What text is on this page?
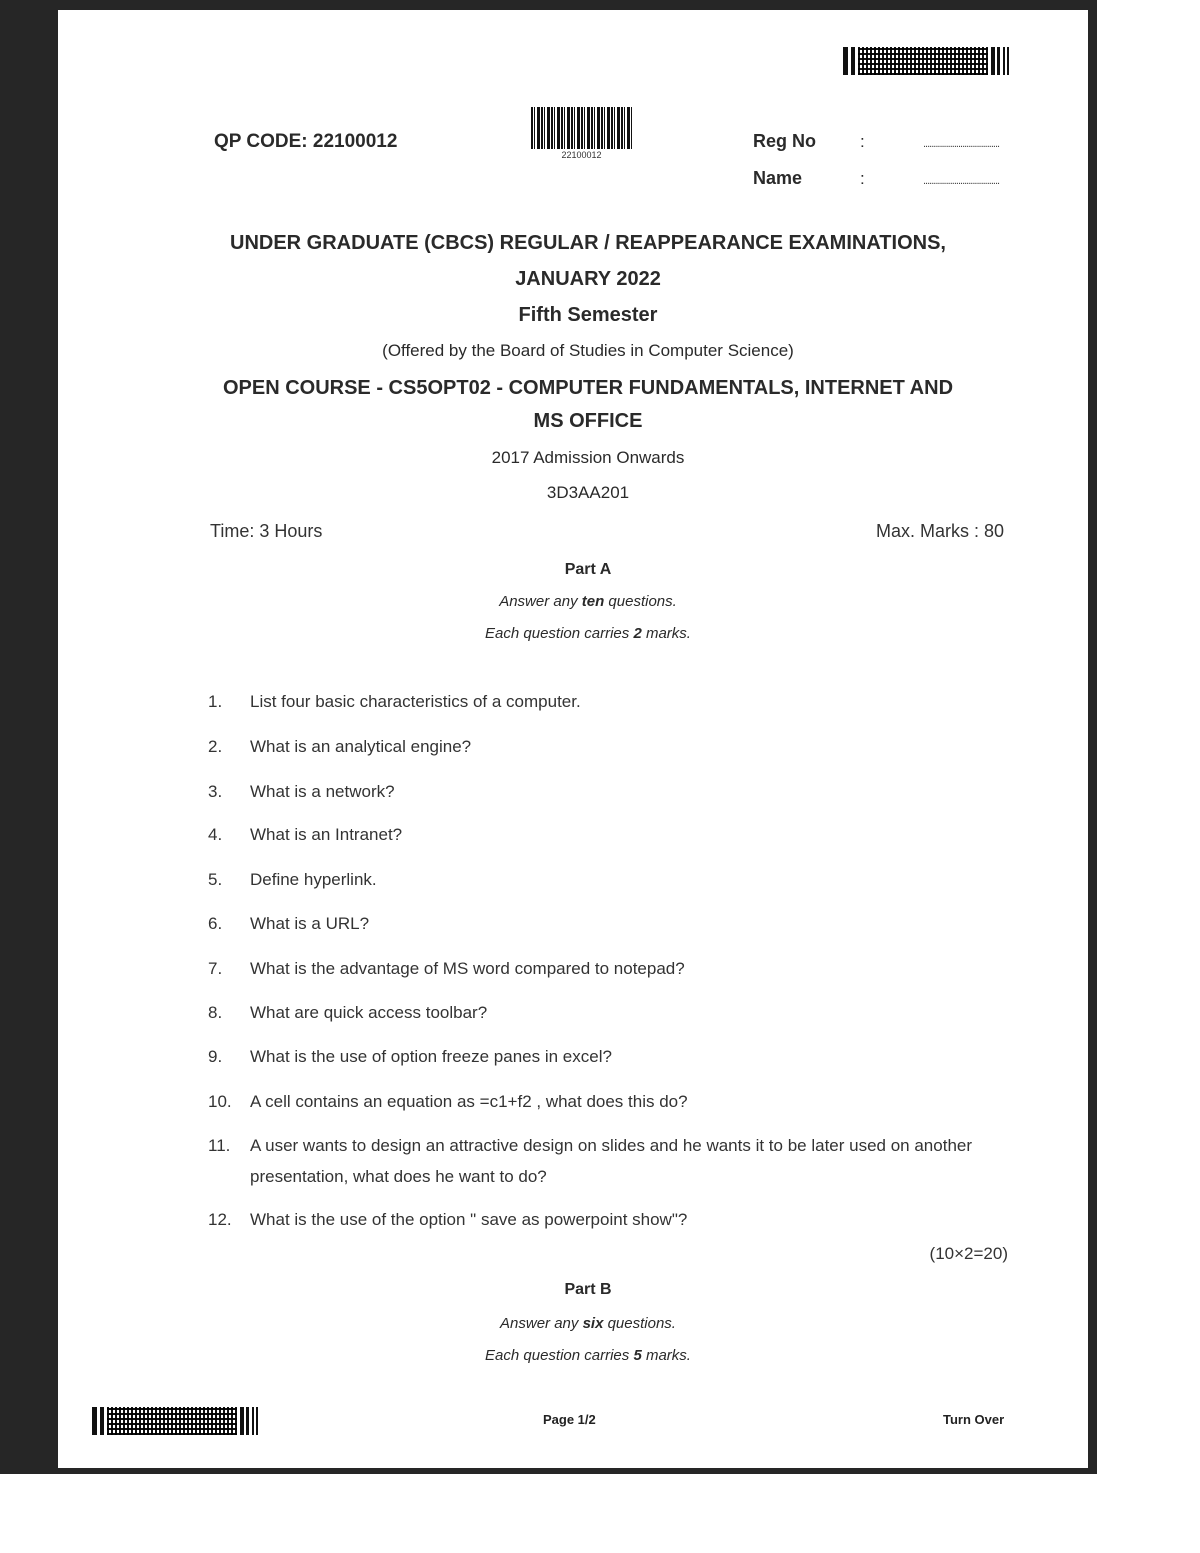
QP CODE: 22100012
22100012
Reg No	:	.....................................
Name	:	.....................................
UNDER GRADUATE (CBCS) REGULAR / REAPPEARANCE EXAMINATIONS,
JANUARY 2022
Fifth Semester
(Offered by the Board of Studies in Computer Science)
OPEN COURSE - CS5OPT02 - COMPUTER FUNDAMENTALS, INTERNET AND
MS OFFICE
2017 Admission Onwards
3D3AA201
Time: 3 Hours	Max. Marks : 80
Part A
Answer any ten questions.
Each question carries 2 marks.
1. List four basic characteristics of a computer.
2. What is an analytical engine?
3. What is a network?
4. What is an Intranet?
5. Define hyperlink.
6. What is a URL?
7. What is the advantage of MS word compared to notepad?
8. What are quick access toolbar?
9. What is the use of option freeze panes in excel?
10. A cell contains an equation as =c1+f2 , what does this do?
11. A user wants to design an attractive design on slides and he wants it to be later used on another presentation, what does he want to do?
12. What is the use of the option " save as powerpoint show"?
(10×2=20)
Part B
Answer any six questions.
Each question carries 5 marks.
Page 1/2	Turn Over
